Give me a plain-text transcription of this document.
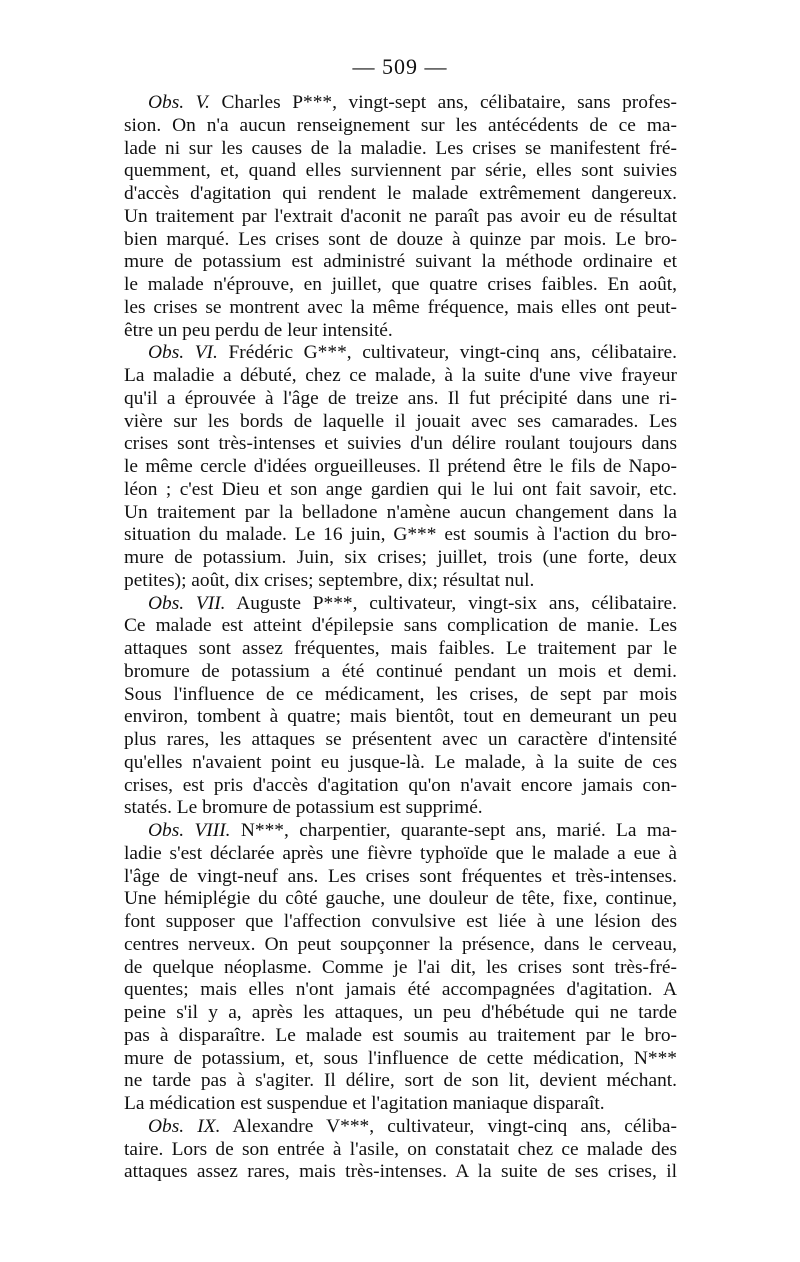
— 509 —
Obs. V. Charles P***, vingt-sept ans, célibataire, sans profes-
sion. On n'a aucun renseignement sur les antécédents de ce ma-
lade ni sur les causes de la maladie. Les crises se manifestent fré-
quemment, et, quand elles surviennent par série, elles sont suivies
d'accès d'agitation qui rendent le malade extrêmement dangereux.
Un traitement par l'extrait d'aconit ne paraît pas avoir eu de résultat
bien marqué. Les crises sont de douze à quinze par mois. Le bro-
mure de potassium est administré suivant la méthode ordinaire et
le malade n'éprouve, en juillet, que quatre crises faibles. En août,
les crises se montrent avec la même fréquence, mais elles ont peut-
être un peu perdu de leur intensité.
Obs. VI. Frédéric G***, cultivateur, vingt-cinq ans, célibataire.
La maladie a débuté, chez ce malade, à la suite d'une vive frayeur
qu'il a éprouvée à l'âge de treize ans. Il fut précipité dans une ri-
vière sur les bords de laquelle il jouait avec ses camarades. Les
crises sont très-intenses et suivies d'un délire roulant toujours dans
le même cercle d'idées orgueilleuses. Il prétend être le fils de Napo-
léon ; c'est Dieu et son ange gardien qui le lui ont fait savoir, etc.
Un traitement par la belladone n'amène aucun changement dans la
situation du malade. Le 16 juin, G*** est soumis à l'action du bro-
mure de potassium. Juin, six crises; juillet, trois (une forte, deux
petites); août, dix crises; septembre, dix; résultat nul.
Obs. VII. Auguste P***, cultivateur, vingt-six ans, célibataire.
Ce malade est atteint d'épilepsie sans complication de manie. Les
attaques sont assez fréquentes, mais faibles. Le traitement par le
bromure de potassium a été continué pendant un mois et demi.
Sous l'influence de ce médicament, les crises, de sept par mois
environ, tombent à quatre; mais bientôt, tout en demeurant un peu
plus rares, les attaques se présentent avec un caractère d'intensité
qu'elles n'avaient point eu jusque-là. Le malade, à la suite de ces
crises, est pris d'accès d'agitation qu'on n'avait encore jamais con-
statés. Le bromure de potassium est supprimé.
Obs. VIII. N***, charpentier, quarante-sept ans, marié. La ma-
ladie s'est déclarée après une fièvre typhoïde que le malade a eue à
l'âge de vingt-neuf ans. Les crises sont fréquentes et très-intenses.
Une hémiplégie du côté gauche, une douleur de tête, fixe, continue,
font supposer que l'affection convulsive est liée à une lésion des
centres nerveux. On peut soupçonner la présence, dans le cerveau,
de quelque néoplasme. Comme je l'ai dit, les crises sont très-fré-
quentes; mais elles n'ont jamais été accompagnées d'agitation. A
peine s'il y a, après les attaques, un peu d'hébétude qui ne tarde
pas à disparaître. Le malade est soumis au traitement par le bro-
mure de potassium, et, sous l'influence de cette médication, N***
ne tarde pas à s'agiter. Il délire, sort de son lit, devient méchant.
La médication est suspendue et l'agitation maniaque disparaît.
Obs. IX. Alexandre V***, cultivateur, vingt-cinq ans, céliba-
taire. Lors de son entrée à l'asile, on constatait chez ce malade des
attaques assez rares, mais très-intenses. A la suite de ses crises, il
